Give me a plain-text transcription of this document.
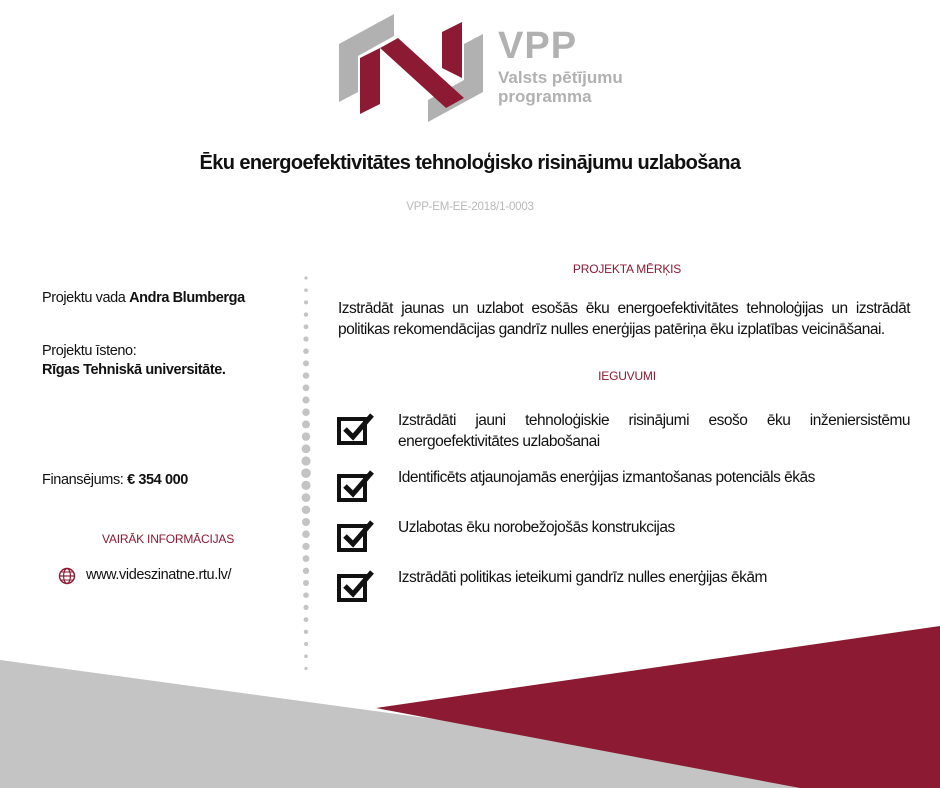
VPP
Valsts pētījumu
programma
Ēku energoefektivitātes tehnoloģisko risinājumu uzlabošana
VPP-EM-EE-2018/1-0003
Projektu vada Andra Blumberga
Projektu īsteno:
Rīgas Tehniskā universitāte.
Finansējums: € 354 000
VAIRĀK INFORMĀCIJAS
www.videszinatne.rtu.lv/
PROJEKTA MĒRĶIS
Izstrādāt jaunas un uzlabot esošās ēku energoefektivitātes tehnoloģijas un izstrādāt politikas rekomendācijas gandrīz nulles enerģijas patēriņa ēku izplatības veicināšanai.
IEGUVUMI
Izstrādāti jauni tehnoloģiskie risinājumi esošo ēku inženiersistēmu energoefektivitātes uzlabošanai
Identificēts atjaunojamās enerģijas izmantošanas potenciāls ēkās
Uzlabotas ēku norobežojošās konstrukcijas
Izstrādāti politikas ieteikumi gandrīz nulles enerģijas ēkām
